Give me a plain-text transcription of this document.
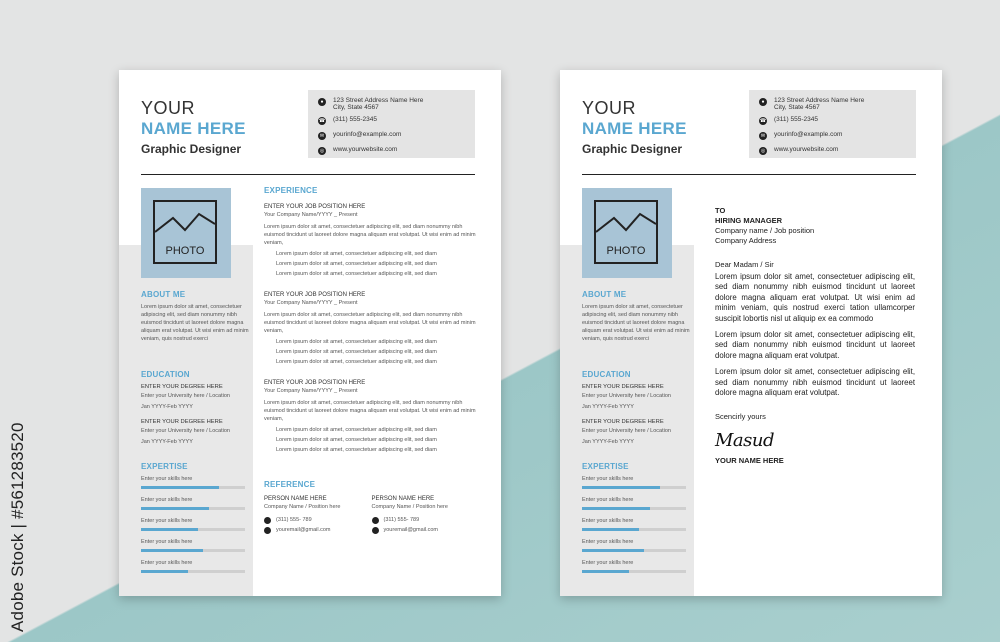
Adobe Stock | #561283520
YOUR
NAME HERE
Graphic Designer
●	123 Street Address Name Here
City, State 4567
☎ (311) 555-2345
✉ yourinfo@example.com
◎ www.yourwebsite.com
PHOTO
ABOUT ME
Lorem ipsum dolor sit amet, consectetuer adipiscing elit, sed diam nonummy nibh euismod tincidunt ut laoreet dolore magna aliquam erat volutpat. Ut wisi enim ad minim veniam, quis nostrud exerci
EDUCATION
ENTER YOUR DEGREE HERE
Enter your University here / Location
Jan YYYY-Feb YYYY
ENTER YOUR DEGREE HERE
Enter your University here / Location
Jan YYYY-Feb YYYY
EXPERTISE
Enter your skills here
Enter your skills here
Enter your skills here
Enter your skills here
Enter your skills here
EXPERIENCE
ENTER YOUR JOB POSITION HERE
Your Company Name/YYYY _ Present
Lorem ipsum dolor sit amet, consectetuer adipiscing elit, sed diam nonummy nibh euismod tincidunt ut laoreet dolore magna aliquam erat volutpat. Ut wisi enim ad minim veniam,
Lorem ipsum dolor sit amet, consectetuer adipiscing elit, sed diam
Lorem ipsum dolor sit amet, consectetuer adipiscing elit, sed diam
Lorem ipsum dolor sit amet, consectetuer adipiscing elit, sed diam
ENTER YOUR JOB POSITION HERE
Your Company Name/YYYY _ Present
Lorem ipsum dolor sit amet, consectetuer adipiscing elit, sed diam nonummy nibh euismod tincidunt ut laoreet dolore magna aliquam erat volutpat. Ut wisi enim ad minim veniam,
Lorem ipsum dolor sit amet, consectetuer adipiscing elit, sed diam
Lorem ipsum dolor sit amet, consectetuer adipiscing elit, sed diam
Lorem ipsum dolor sit amet, consectetuer adipiscing elit, sed diam
ENTER YOUR JOB POSITION HERE
Your Company Name/YYYY _ Present
Lorem ipsum dolor sit amet, consectetuer adipiscing elit, sed diam nonummy nibh euismod tincidunt ut laoreet dolore magna aliquam erat volutpat. Ut wisi enim ad minim veniam,
Lorem ipsum dolor sit amet, consectetuer adipiscing elit, sed diam
Lorem ipsum dolor sit amet, consectetuer adipiscing elit, sed diam
Lorem ipsum dolor sit amet, consectetuer adipiscing elit, sed diam
REFERENCE
PERSON NAME HERE
Company Name / Position here
(311) 555- 789
youremail@gmail.com
PERSON NAME HERE
Company Name / Position here
(311) 555- 789
youremail@gmail.com
YOUR
NAME HERE
Graphic Designer
●	123 Street Address Name Here
City, State 4567
☎ (311) 555-2345
✉ yourinfo@example.com
◎ www.yourwebsite.com
PHOTO
ABOUT ME
Lorem ipsum dolor sit amet, consectetuer adipiscing elit, sed diam nonummy nibh euismod tincidunt ut laoreet dolore magna aliquam erat volutpat. Ut wisi enim ad minim veniam, quis nostrud exerci
EDUCATION
ENTER YOUR DEGREE HERE
Enter your University here / Location
Jan YYYY-Feb YYYY
ENTER YOUR DEGREE HERE
Enter your University here / Location
Jan YYYY-Feb YYYY
EXPERTISE
Enter your skills here
Enter your skills here
Enter your skills here
Enter your skills here
Enter your skills here
TO
HIRING MANAGER
Company name / Job position
Company Address
Dear Madam / Sir
Lorem ipsum dolor sit amet, consectetuer adipiscing elit, sed diam nonummy nibh euismod tincidunt ut laoreet dolore magna aliquam erat volutpat. Ut wisi enim ad minim veniam, quis nostrud exerci tation ullamcorper suscipit lobortis nisl ut aliquip ex ea commodo
Lorem ipsum dolor sit amet, consectetuer adipiscing elit, sed diam nonummy nibh euismod tincidunt ut laoreet dolore magna aliquam erat volutpat.
Lorem ipsum dolor sit amet, consectetuer adipiscing elit, sed diam nonummy nibh euismod tincidunt ut laoreet dolore magna aliquam erat volutpat.
Scencirly yours
Masud
YOUR NAME HERE
